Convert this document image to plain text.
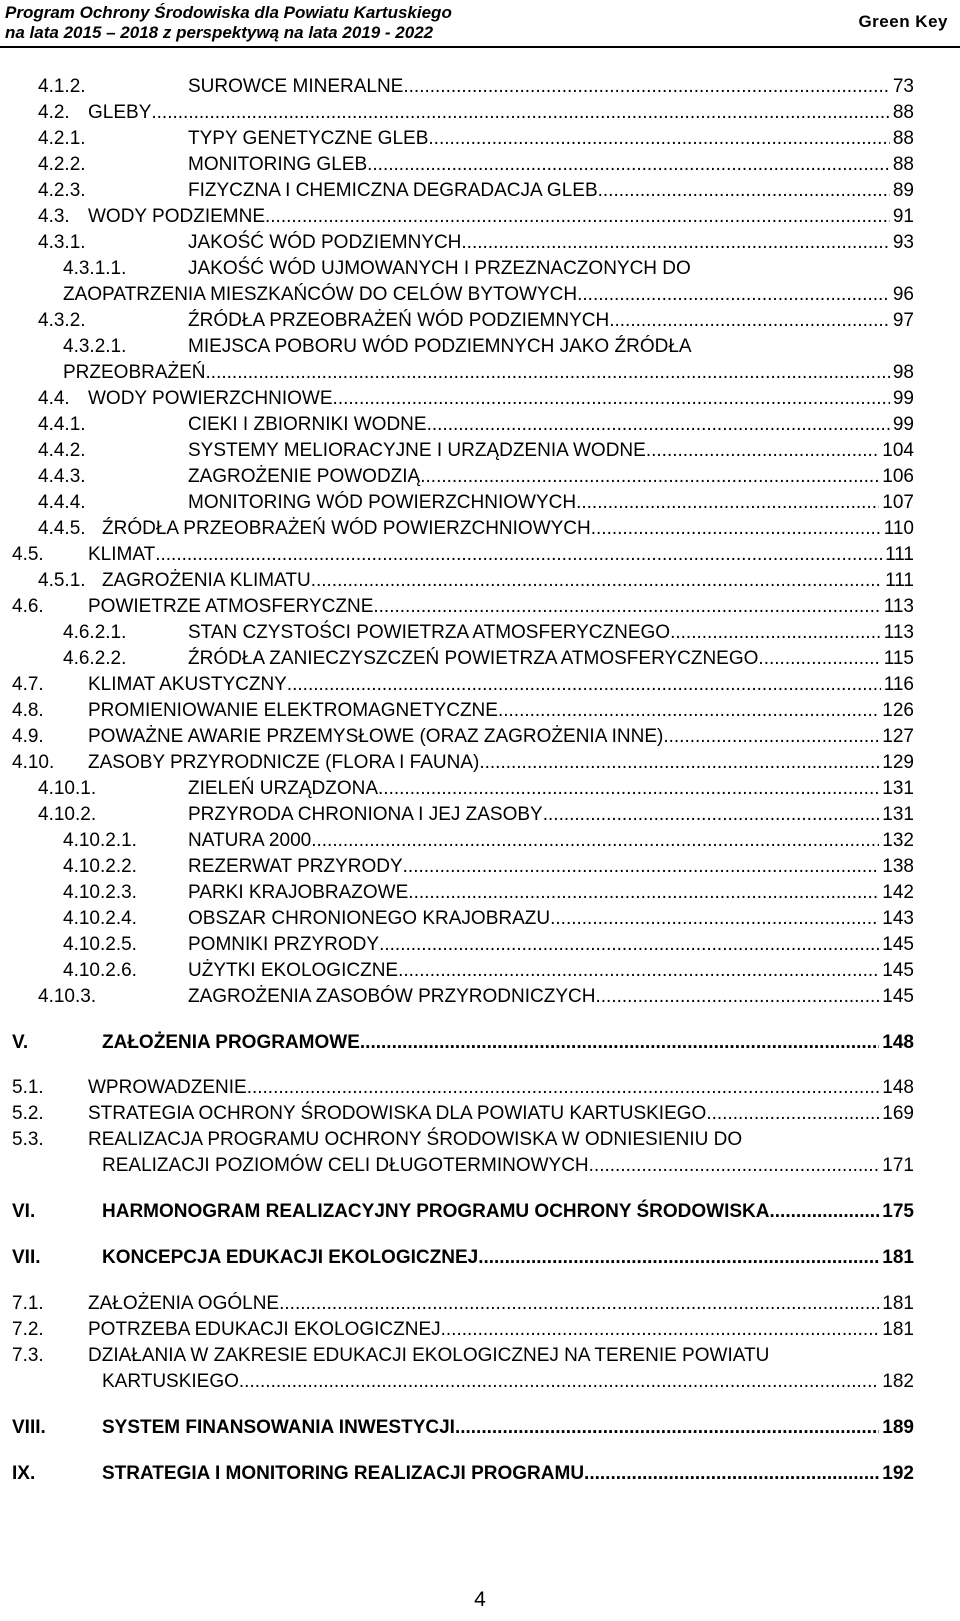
Program Ochrony Środowiska dla Powiatu Kartuskiego
na lata 2015 – 2018 z perspektywą na lata 2019 - 2022
Green Key
4.1.2.	SUROWCE MINERALNE .....	73
4.2. GLEBY .....	88
4.2.1.	TYPY GENETYCZNE GLEB .....	88
4.2.2.	MONITORING GLEB .....	88
4.2.3.	FIZYCZNA I CHEMICZNA DEGRADACJA GLEB .....	89
4.3. WODY PODZIEMNE .....	91
4.3.1.	JAKOŚĆ WÓD PODZIEMNYCH .....	93
4.3.1.1.	JAKOŚĆ WÓD UJMOWANYCH I PRZEZNACZONYCH DO
ZAOPATRZENIA MIESZKAŃCÓW DO CELÓW BYTOWYCH .....	96
4.3.2.	ŹRÓDŁA PRZEOBRAŻEŃ WÓD PODZIEMNYCH .....	97
4.3.2.1.	MIEJSCA POBORU WÓD PODZIEMNYCH JAKO ŹRÓDŁA
PRZEOBRAŻEŃ .....	98
4.4. WODY POWIERZCHNIOWE .....	99
4.4.1.	CIEKI I ZBIORNIKI WODNE .....	99
4.4.2.	SYSTEMY MELIORACYJNE I URZĄDZENIA WODNE .....	104
4.4.3.	ZAGROŻENIE POWODZIĄ .....	106
4.4.4.	MONITORING WÓD POWIERZCHNIOWYCH .....	107
4.4.5. ŹRÓDŁA PRZEOBRAŻEŃ WÓD POWIERZCHNIOWYCH .....	110
4.5. KLIMAT .....	111
4.5.1. ZAGROŻENIA KLIMATU .....	111
4.6. POWIETRZE ATMOSFERYCZNE .....	113
4.6.2.1.	STAN CZYSTOŚCI POWIETRZA ATMOSFERYCZNEGO .....	113
4.6.2.2.	ŹRÓDŁA ZANIECZYSZCZEŃ POWIETRZA ATMOSFERYCZNEGO .....	115
4.7. KLIMAT AKUSTYCZNY .....	116
4.8. PROMIENIOWANIE ELEKTROMAGNETYCZNE .....	126
4.9. POWAŻNE AWARIE PRZEMYSŁOWE (ORAZ ZAGROŻENIA INNE) .....	127
4.10. ZASOBY PRZYRODNICZE (FLORA I FAUNA) .....	129
4.10.1.	ZIELEŃ URZĄDZONA .....	131
4.10.2.	PRZYRODA CHRONIONA I JEJ ZASOBY .....	131
4.10.2.1.	NATURA 2000 .....	132
4.10.2.2.	REZERWAT PRZYRODY .....	138
4.10.2.3.	PARKI KRAJOBRAZOWE .....	142
4.10.2.4.	OBSZAR CHRONIONEGO KRAJOBRAZU .....	143
4.10.2.5.	POMNIKI PRZYRODY .....	145
4.10.2.6.	UŻYTKI EKOLOGICZNE .....	145
4.10.3.	ZAGROŻENIA ZASOBÓW PRZYRODNICZYCH .....	145
V.	ZAŁOŻENIA PROGRAMOWE .....	148
5.1. WPROWADZENIE .....	148
5.2. STRATEGIA OCHRONY ŚRODOWISKA DLA POWIATU KARTUSKIEGO .....	169
5.3. REALIZACJA PROGRAMU OCHRONY ŚRODOWISKA W ODNIESIENIU DO
REALIZACJI POZIOMÓW CELI DŁUGOTERMINOWYCH .....	171
VI.	HARMONOGRAM REALIZACYJNY PROGRAMU OCHRONY ŚRODOWISKA. .....	175
VII.	KONCEPCJA EDUKACJI EKOLOGICZNEJ .....	181
7.1. ZAŁOŻENIA OGÓLNE .....	181
7.2. POTRZEBA EDUKACJI EKOLOGICZNEJ .....	181
7.3. DZIAŁANIA W ZAKRESIE EDUKACJI EKOLOGICZNEJ NA TERENIE POWIATU
KARTUSKIEGO .....	182
VIII.	SYSTEM FINANSOWANIA INWESTYCJI .....	189
IX.	STRATEGIA I MONITORING REALIZACJI PROGRAMU .....	192
4
